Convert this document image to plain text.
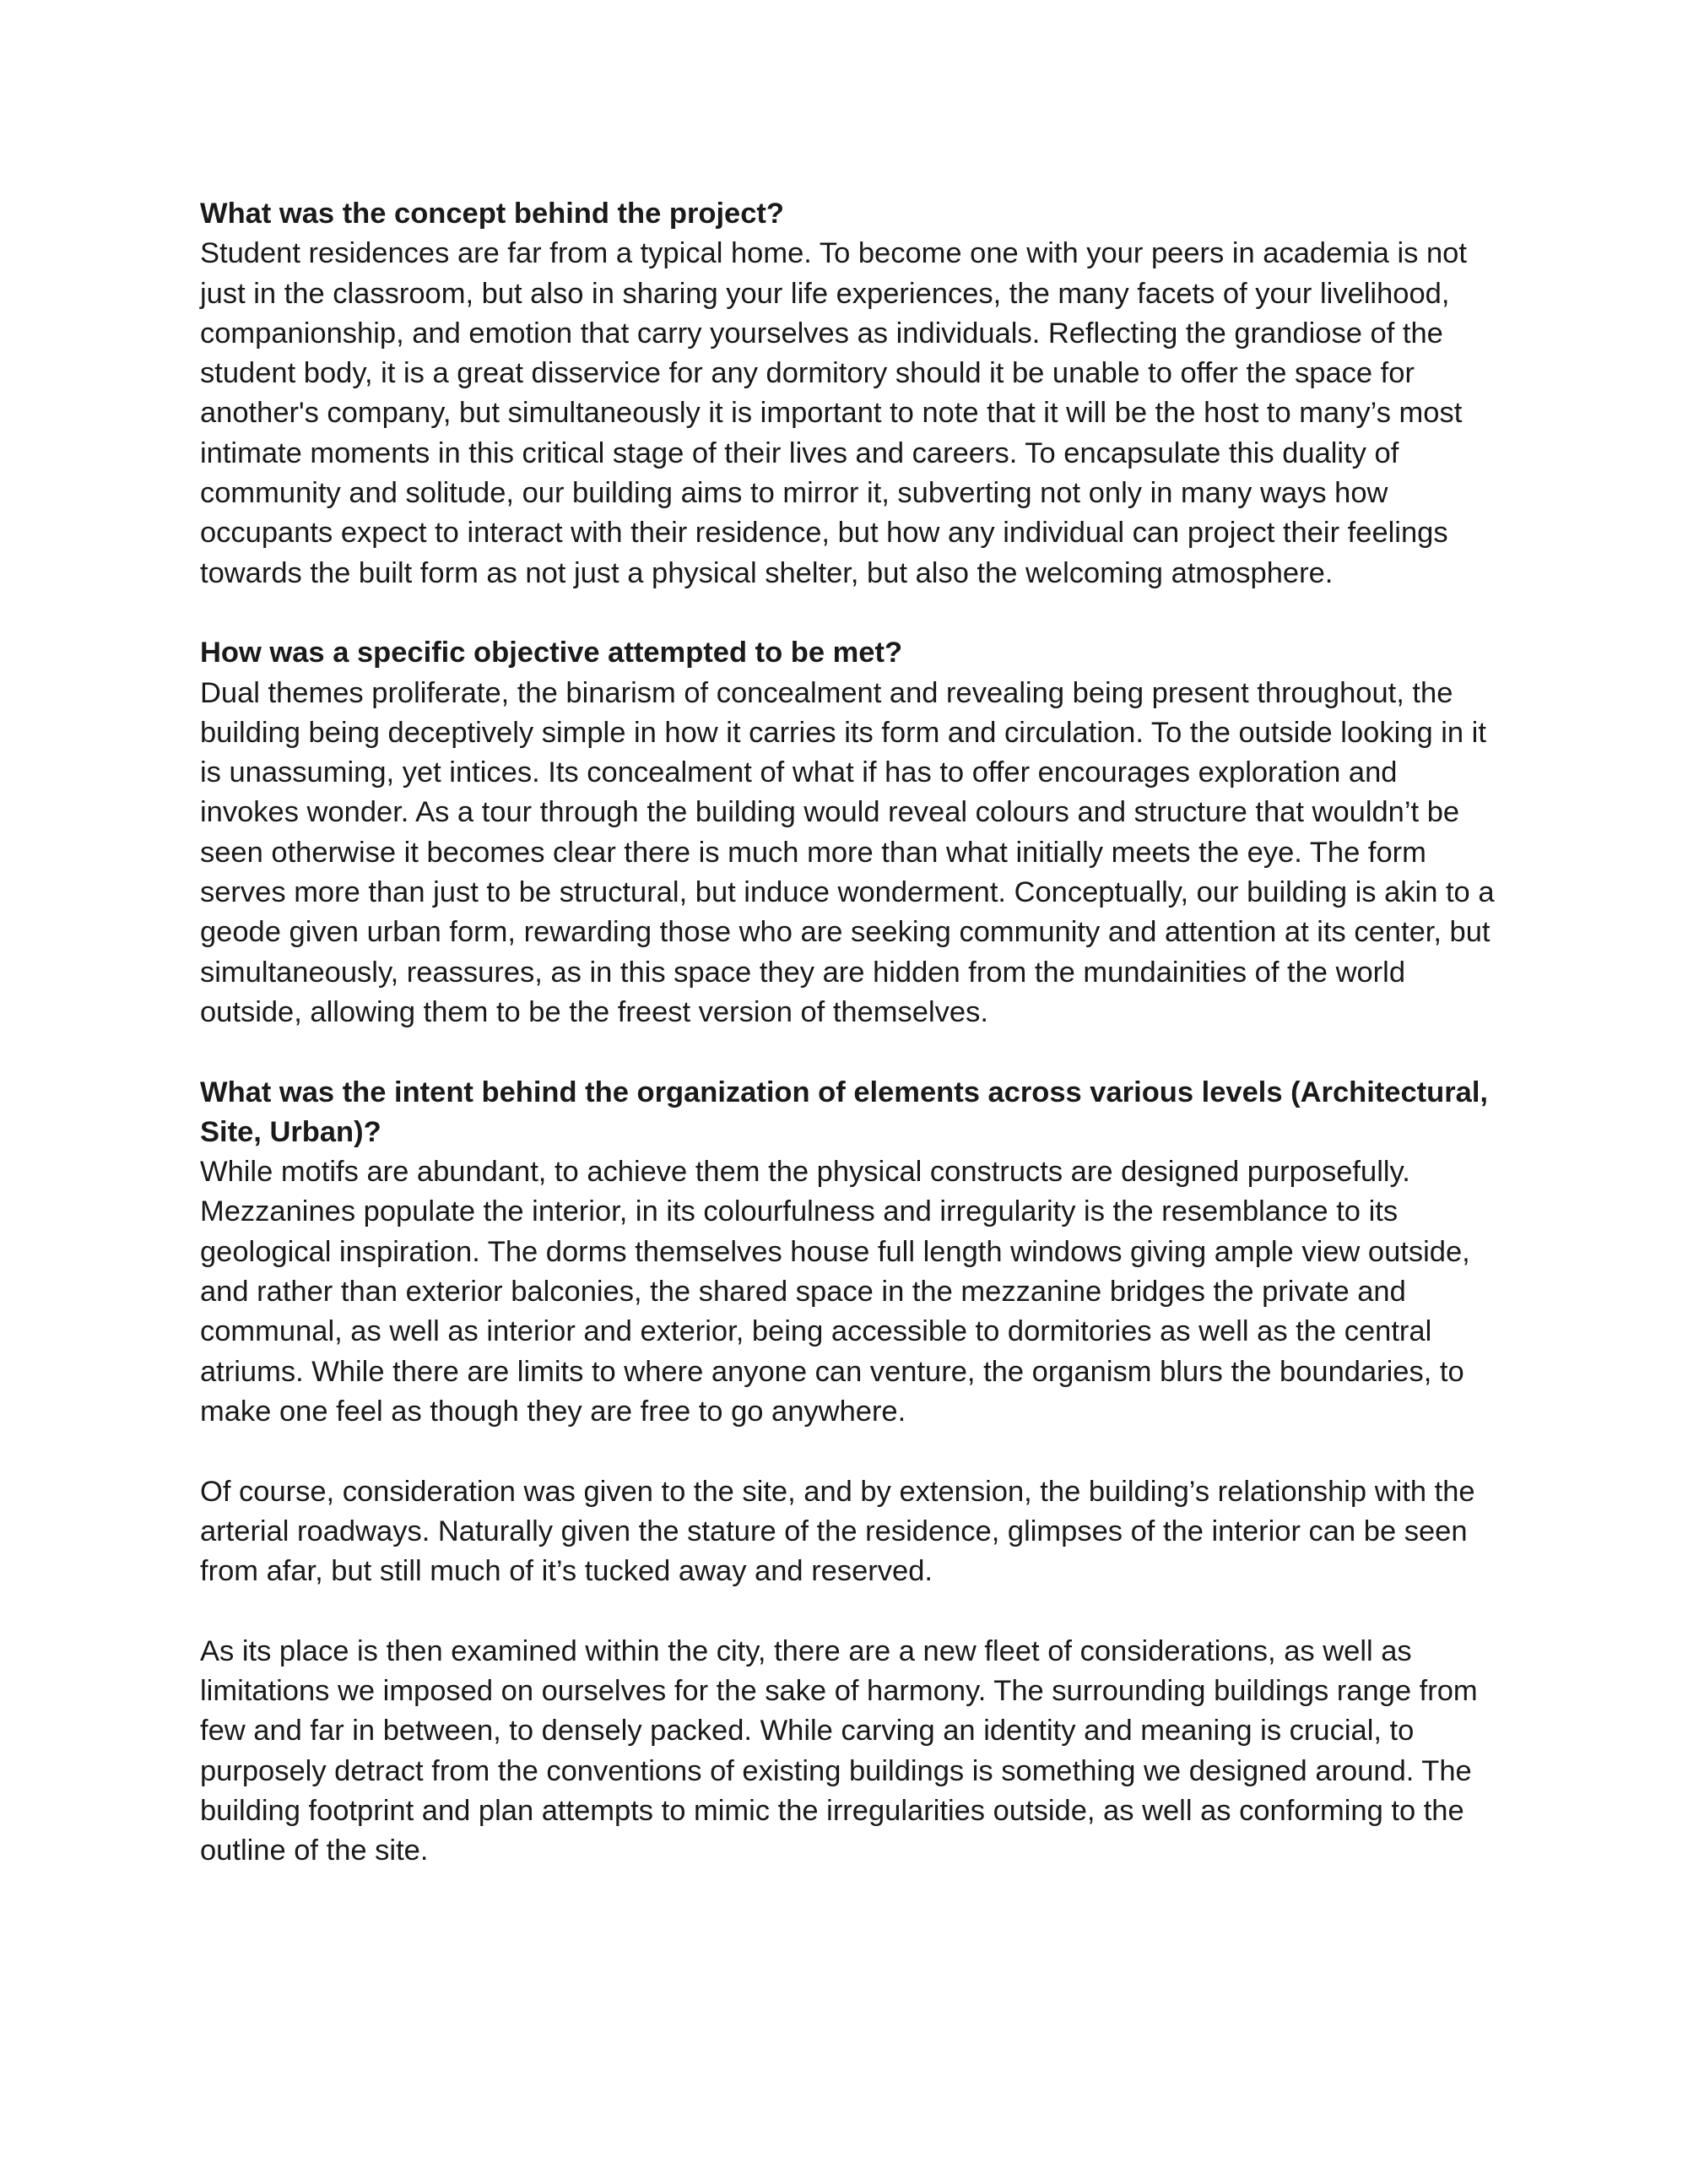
What was the concept behind the project?

Student residences are far from a typical home. To become one with your peers in academia is not just in the classroom, but also in sharing your life experiences, the many facets of your livelihood, companionship, and emotion that carry yourselves as individuals. Reflecting the grandiose of the student body, it is a great disservice for any dormitory should it be unable to offer the space for another's company, but simultaneously it is important to note that it will be the host to many’s most intimate moments in this critical stage of their lives and careers. To encapsulate this duality of community and solitude, our building aims to mirror it, subverting not only in many ways how occupants expect to interact with their residence, but how any individual can project their feelings towards the built form as not just a physical shelter, but also the welcoming atmosphere.

How was a specific objective attempted to be met?

Dual themes proliferate, the binarism of concealment and revealing being present throughout, the building being deceptively simple in how it carries its form and circulation. To the outside looking in it is unassuming, yet intices. Its concealment of what if has to offer encourages exploration and invokes wonder. As a tour through the building would reveal colours and structure that wouldn’t be seen otherwise it becomes clear there is much more than what initially meets the eye. The form serves more than just to be structural, but induce wonderment. Conceptually, our building is akin to a geode given urban form, rewarding those who are seeking community and attention at its center, but simultaneously, reassures, as in this space they are hidden from the mundainities of the world outside, allowing them to be the freest version of themselves.

What was the intent behind the organization of elements across various levels (Architectural, Site, Urban)?

While motifs are abundant, to achieve them the physical constructs are designed purposefully. Mezzanines populate the interior, in its colourfulness and irregularity is the resemblance to its geological inspiration. The dorms themselves house full length windows giving ample view outside, and rather than exterior balconies, the shared space in the mezzanine bridges the private and communal, as well as interior and exterior, being accessible to dormitories as well as the central atriums. While there are limits to where anyone can venture, the organism blurs the boundaries, to make one feel as though they are free to go anywhere.

Of course, consideration was given to the site, and by extension, the building’s relationship with the arterial roadways. Naturally given the stature of the residence, glimpses of the interior can be seen from afar, but still much of it’s tucked away and reserved.

As its place is then examined within the city, there are a new fleet of considerations, as well as limitations we imposed on ourselves for the sake of harmony. The surrounding buildings range from few and far in between, to densely packed. While carving an identity and meaning is crucial, to purposely detract from the conventions of existing buildings is something we designed around. The building footprint and plan attempts to mimic the irregularities outside, as well as conforming to the outline of the site.
